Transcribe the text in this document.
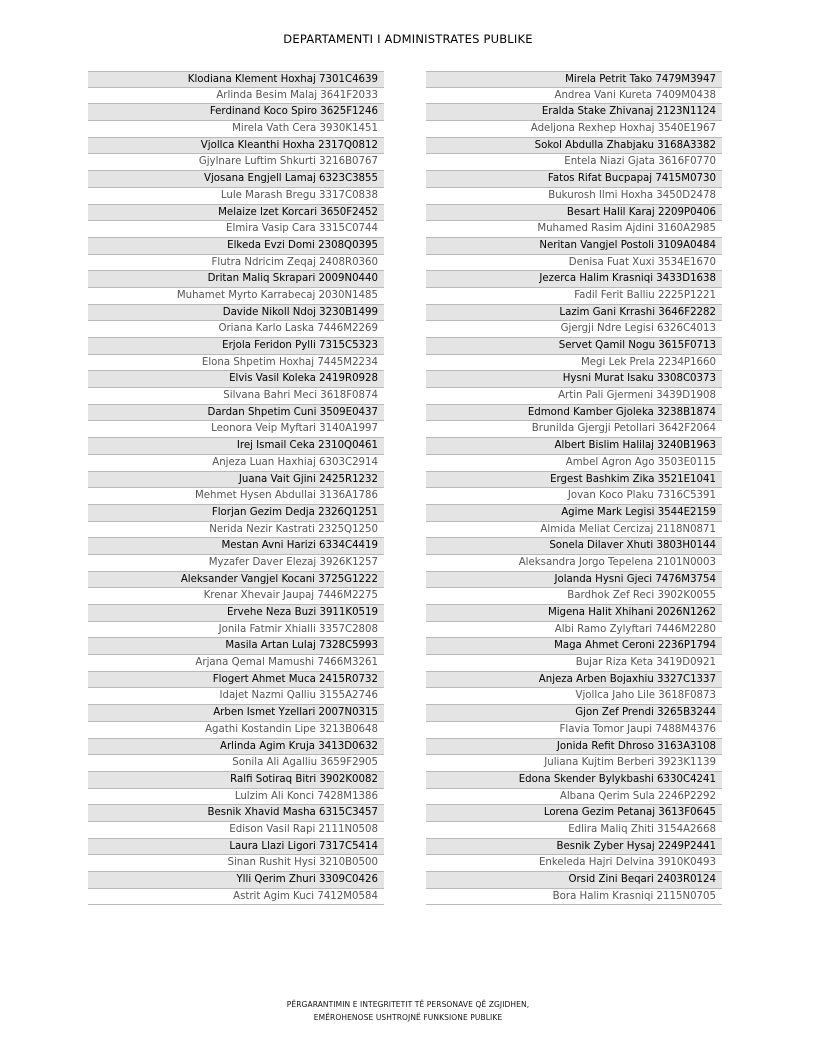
DEPARTAMENTI I ADMINISTRATES PUBLIKE
Klodiana Klement Hoxhaj 7301C4639
Arlinda Besim Malaj 3641F2033
Ferdinand Koco Spiro 3625F1246
Mirela Vath Cera 3930K1451
Vjollca Kleanthi Hoxha 2317Q0812
Gjylnare Luftim Shkurti 3216B0767
Vjosana Engjell Lamaj 6323C3855
Lule Marash Bregu 3317C0838
Melaize Izet Korcari 3650F2452
Elmira Vasip Cara 3315C0744
Elkeda Evzi Domi 2308Q0395
Flutra Ndricim Zeqaj 2408R0360
Dritan Maliq Skrapari 2009N0440
Muhamet Myrto Karrabecaj 2030N1485
Davide Nikoll Ndoj 3230B1499
Oriana Karlo Laska 7446M2269
Erjola Feridon Pylli 7315C5323
Elona Shpetim Hoxhaj 7445M2234
Elvis Vasil Koleka 2419R0928
Silvana Bahri Meci 3618F0874
Dardan Shpetim Cuni 3509E0437
Leonora Veip Myftari 3140A1997
Irej Ismail Ceka 2310Q0461
Anjeza Luan Haxhiaj 6303C2914
Juana Vait Gjini 2425R1232
Mehmet Hysen Abdullai 3136A1786
Florjan Gezim Dedja 2326Q1251
Nerida Nezir Kastrati 2325Q1250
Mestan Avni Harizi 6334C4419
Myzafer Daver Elezaj 3926K1257
Aleksander Vangjel Kocani 3725G1222
Krenar Xhevair Jaupaj 7446M2275
Ervehe Neza Buzi 3911K0519
Jonila Fatmir Xhialli 3357C2808
Masila Artan Lulaj 7328C5993
Arjana Qemal Mamushi 7466M3261
Flogert Ahmet Muca 2415R0732
Idajet Nazmi Qalliu 3155A2746
Arben Ismet Yzellari 2007N0315
Agathi Kostandin Lipe 3213B0648
Arlinda Agim Kruja 3413D0632
Sonila Ali Agalliu 3659F2905
Ralfi Sotiraq Bitri 3902K0082
Lulzim Ali Konci 7428M1386
Besnik Xhavid Masha 6315C3457
Edison Vasil Rapi 2111N0508
Laura Llazi Ligori 7317C5414
Sinan Rushit Hysi 3210B0500
Ylli Qerim Zhuri 3309C0426
Astrit Agim Kuci 7412M0584
Mirela Petrit Tako 7479M3947
Andrea Vani Kureta 7409M0438
Eralda Stake Zhivanaj 2123N1124
Adeljona Rexhep Hoxhaj 3540E1967
Sokol Abdulla Zhabjaku 3168A3382
Entela Niazi Gjata 3616F0770
Fatos Rifat Bucpapaj 7415M0730
Bukurosh Ilmi Hoxha 3450D2478
Besart Halil Karaj 2209P0406
Muhamed Rasim Ajdini 3160A2985
Neritan Vangjel Postoli 3109A0484
Denisa Fuat Xuxi 3534E1670
Jezerca Halim Krasniqi 3433D1638
Fadil Ferit Balliu 2225P1221
Lazim Gani Krrashi 3646F2282
Gjergji Ndre Legisi 6326C4013
Servet Qamil Nogu 3615F0713
Megi Lek Prela 2234P1660
Hysni Murat Isaku 3308C0373
Artin Pali Gjermeni 3439D1908
Edmond Kamber Gjoleka 3238B1874
Brunilda Gjergji Petollari 3642F2064
Albert Bislim Halilaj 3240B1963
Ambel Agron Ago 3503E0115
Ergest Bashkim Zika 3521E1041
Jovan Koco Plaku 7316C5391
Agime Mark Legisi 3544E2159
Almida Meliat Cercizaj 2118N0871
Sonela Dilaver Xhuti 3803H0144
Aleksandra Jorgo Tepelena 2101N0003
Jolanda Hysni Gjeci 7476M3754
Bardhok Zef Reci 3902K0055
Migena Halit Xhihani 2026N1262
Albi Ramo Zylyftari 7446M2280
Maga Ahmet Ceroni 2236P1794
Bujar Riza Keta 3419D0921
Anjeza Arben Bojaxhiu 3327C1337
Vjollca Jaho Lile 3618F0873
Gjon Zef Prendi 3265B3244
Flavia Tomor Jaupi 7488M4376
Jonida Refit Dhroso 3163A3108
Juliana Kujtim Berberi 3923K1139
Edona Skender Bylykbashi 6330C4241
Albana Qerim Sula 2246P2292
Lorena Gezim Petanaj 3613F0645
Edlira Maliq Zhiti 3154A2668
Besnik Zyber Hysaj 2249P2441
Enkeleda Hajri Delvina 3910K0493
Orsid Zini Beqari 2403R0124
Bora Halim Krasniqi 2115N0705
PËRGARANTIMIN E INTEGRITETIT TË PERSONAVE QË ZGJIDHEN,
EMËROHENOSE USHTROJNË FUNKSIONE PUBLIKE
